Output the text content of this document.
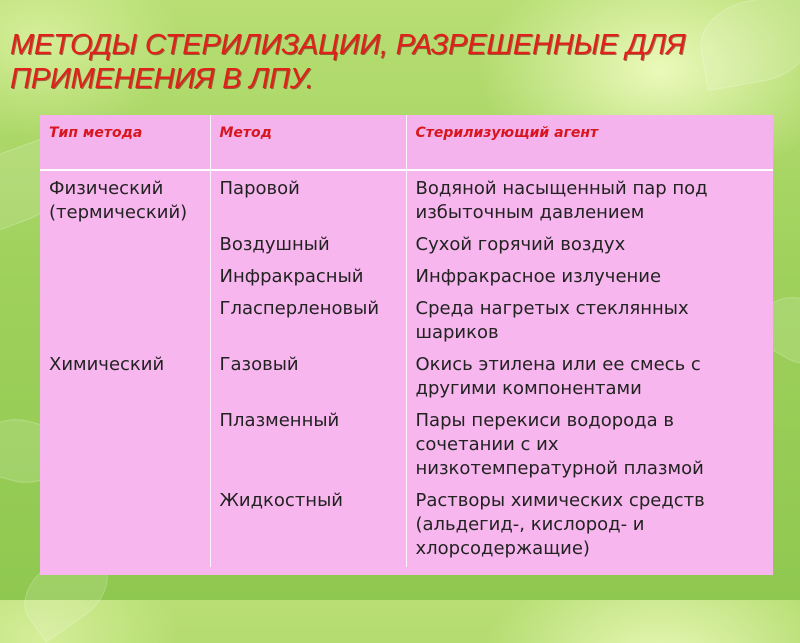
МЕТОДЫ СТЕРИЛИЗАЦИИ, РАЗРЕШЕННЫЕ ДЛЯ ПРИМЕНЕНИЯ В ЛПУ.
Тип метода	Метод	Стерилизующий агент
Физический (термический)	Паровой	Водяной насыщенный пар под избыточным давлением
	Воздушный	Сухой горячий воздух
	Инфракрасный	Инфракрасное излучение
	Гласперленовый	Среда нагретых стеклянных шариков
Химический	Газовый	Окись этилена или ее смесь с другими компонентами
	Плазменный	Пары перекиси водорода в сочетании с их низкотемпературной плазмой
	Жидкостный	Растворы химических средств (альдегид-, кислород- и хлорсодержащие)
